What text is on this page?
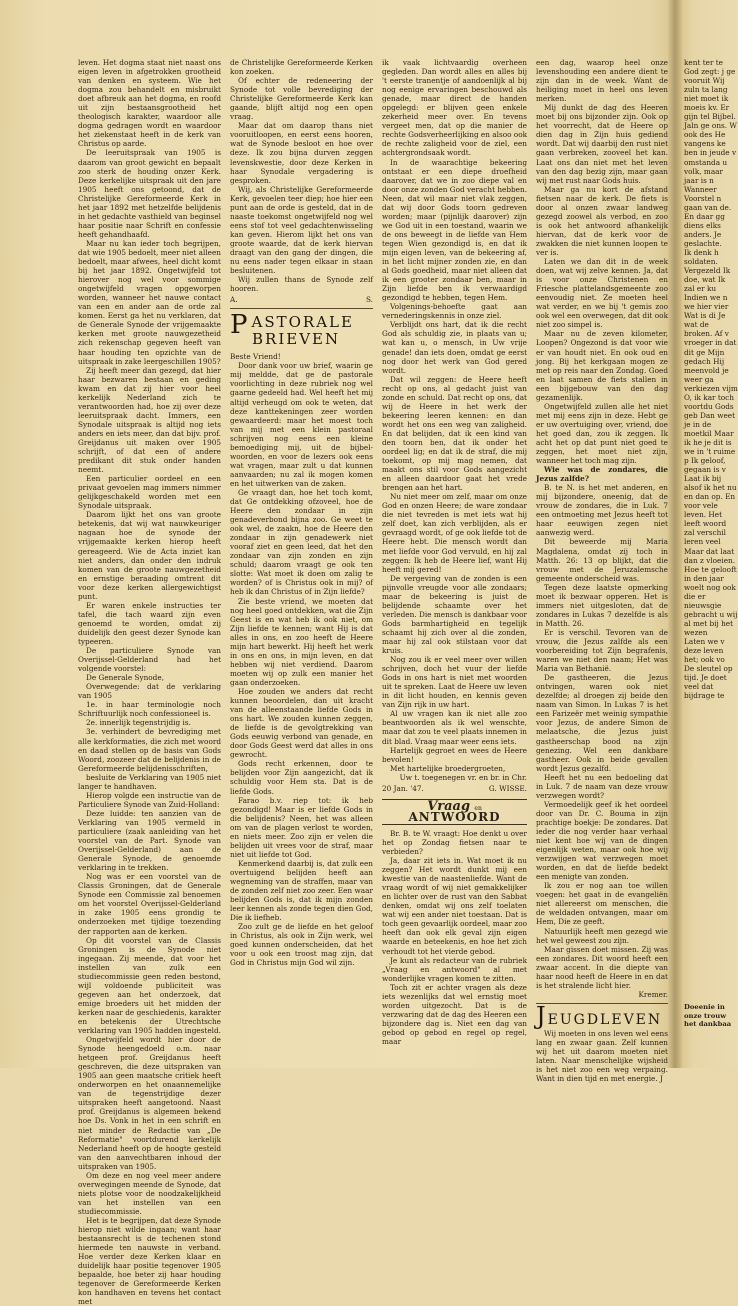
leven. Het dogma staat niet naast ons eigen leven in afgetrokken grootheid van denken en systeem. Wie het dogma zou behandelt en misbruikt doet afbreuk aan het dogma, en roofd uit zijn bestaansgrootheid het theologisch karakter, waardoor alle dogma gedragen wordt en waardoor het ziekenstaat heeft in de kerk van Christus op aarde.

De leeruitspraak van 1905 is daarom van groot gewicht en bepaalt zoo sterk de houding onzer Kerk. Deze kerkelijke uitspraak uit den jare 1905 heeft ons getoond, dat de Christelijke Gereformeerde Kerk in het jaar 1892 met hetzelfde belijdenis in het gedachte vasthield van beginsel haar positie naar Schrift en confessie heeft gehandhaafd.

Maar nu kan ieder toch begrijpen, dat wie 1905 bedoelt, meer niet alleen bedoelt, maar afwees, heel dicht komt bij het jaar 1892. Ongetwijfeld tot hierover nog wel voor sommige ongetwijfeld vragen opgeworpen worden, wanneer het nauwe contact van een en ander aan de orde zal komen. Eerst ga het nu verklaren, dat de Generale Synode der vrijgemaakte kerken met groote nauwgezetheid zich rekenschap gegeven heeft van haar houding ten opzichte van de uitspraak in zake leergeschillen 1905?

Zij heeft meer dan gezegd, dat hier haar bezwaren bestaan en geding kwam en dat zij hier voor heel kerkelijk Nederland zich te verantwoorden had, hoe zij over deze leeruitspraak dacht. Immers, een Synodale uitspraak is altijd nog iets anders en iets meer, dan dat bijv. prof. Greijdanus uit maken over 1905 schrijft, of dat een of andere predikant dit stuk onder handen neemt.

Een particulier oordeel en een privaat gevoelen mag immers nimmer gelijkgeschakeld worden met een Synodale uitspraak.

Daarom lijkt het ons van groote betekenis, dat wij wat nauwkeuriger nagaan hoe de synode der vrijgemaakte kerken hierop heeft gereageerd. Wie de Acta inziet kan niet anders, dan onder den indruk komen van de groote nauwgezetheid en ernstige beraading omtrent dit voor deze kerken allergewichtigst punt.

Er waren enkele instructies ter tafel, die tach waard zijn even genoemd te worden, omdat zij duidelijk den geest dezer Synode kan typeeren.

De particuliere Synode van Overijssel-Gelderland had het volgende voorstel:

De Generale Synode,

Overwegende: dat de verklaring van 1905

1e. in haar terminologie noch Schriftuurlijk noch confessioneel is.

2e. innerlijk tegenstrijdig is.

3e. verhindert de bevrediging met alle kerkformaties, die zich met woord en daad stellen op de basis van Gods Woord, zoozeer dat de belijdenis in de Gereformeerde belijdenisschriften,

besluite de Verklaring van 1905 niet langer te handhaven.

Hierop volgde een instructie van de Particuliere Synode van Zuid-Holland:

Deze luidde: ten aanzien van de Verklaring van 1905 vermeld in particuliere (zaak aanleiding van het voorstel van de Part. Synode van Overijssel-Gelderland) aan de Generale Synode, de genoemde verklaring in te trekken.

Nog was er een voorstel van de Classis Groningen, dat de Generale Synode een Commissie zal benoemen om het voorstel Overijssel-Gelderland in zake 1905 eens grondig te onderzoeken met tijdige toezending der rapporten aan de kerken.

Op dit voorstel van de Classis Groningen is de Synode niet ingegaan. Zij meende, dat voor het instellen van zulk een studiecommissie geen reden bestond, wijl voldoende publiciteit was gegeven aan het onderzoek, dat emige broeders uit het midden der kerken naar de geschiedenis, karakter en betekenis der Utrechtsche verklaring van 1905 hadden ingesteld.

Ongetwijfeld wordt hier door de Synode heengedoeld o.m. naar hetgeen prof. Greijdanus heeft geschreven, die deze uitspraken van 1905 aan geen maatsche critiek heeft onderworpen en het onaannemelijke van de tegenstrijdige dezer uitspraken heeft aangetoond. Naast prof. Greijdanus is algemeen bekend hoe Ds. Vonk in het in een schrift en niet minder de Redactie van „De Reformatie" voortdurend kerkelijk Nederland heeft op de hoogte gesteld van den aanvechtbaren inhoud der uitspraken van 1905.

Om deze en nog veel meer andere overwegingen meende de Synode, dat niets plotse voor de noodzakelijkheid van het instellen van een studiecommissie.

Het is te begrijpen, dat deze Synode hierop niet wilde ingaan; want haar bestaansrecht is de techenen stond hiermede ten nauwste in verband. Hoe verder deze Kerken klaar en duidelijk haar positie tegenover 1905 bepaalde, hoe beter zij haar houding tegenover de Gereformeerde Kerken kon handhaven en tevens het contact met

de Christelijke Gereformeerde Kerken kon zoeken.

Of echter de redeneering der Synode tot volle bevrediging der Christelijke Gereformeerde Kerk kan gaande, blijft altijd nog een open vraag.

Maar dat om daarop thans niet vooruitloopen, en eerst eens hooren, wat de Synode besloot en hoe over deze. Ik zou bijna durven zeggen levenskwestie, door deze Kerken in haar Synodale vergadering is gesproken.

Wij, als Christelijke Gereformeerde Kerk, gevoelen teer diep; hoe hier een punt aan de orde is gesteld, dat in de naaste toekomst ongetwijfeld nog wel eens stof tot veel gedachtenwisseling kan geven. Hierom lijkt het ons van groote waarde, dat de kerk hiervan draagt van den gang der dingen, die nu eens nader tegen elkaar in staan besluitenen.

Wij zullen thans de Synode zelf hooren.

A.	S.
P ASTORALE
BRIEVEN

Beste Vriend!

Door dank voor uw brief, waarin ge mij meldde, dat ge de pastorale voorlichting in deze rubriek nog wel gaarne gedeeld had. Wel heeft het mij altijd verheugd om ook te weten, dat deze kanttekeningen zeer worden gewaardeerd: maar het moest toch van mij met een klein pastoraal schrijven nog eens een kleine bemoediging mij, uit de bijbel-woorden, en voor de lezers ook eens wat vragen, maar zult u dat kunnen aanvaarden; nu zal ik mogen komen en het uitwerken van de zaken.

Ge vraagt dan, hoe het toch komt, dat Ge ontdekking ofzoveel, hoe de Heere den zondaar in zijn genadeverbond bijna zoo. Ge weet te ook wel, de zaakn, hoe de Heere den zondaar in zijn genadewerk niet vooraf ziet en geen leed, dat het den zondaar van zijn zonden en zijn schuld; daarom vraagt ge ook ten slotte: Wat moet ik doen om zalig te worden? of is Christus ook in mij? of heb ik dan Christus of in Zijn liefde?

Zie beste vriend, we moeten dat nog heel goed ontdekken, wat die Zijn Geest is en wat heb ik ook niet, om Zijn liefde te kennen; want Hij is dat alles in ons, en zoo heeft de Heere mijn hart bewerkt. Hij heeft het werk in ons en ons, in mijn leven, en dat hebben wij niet verdiend. Daarom moeten wij op zulk een manier het gaan onderzoeken.

Hoe zouden we anders dat recht kunnen beoordelen, dan uit kracht van de alleenstaande liefde Gods in ons hart. We zouden kunnen zeggen, de liefde is de gevolgtrekking van Gods eeuwig verbond van genade, en door Gods Geest werd dat alles in ons gewrocht.

Gods recht erkennen, door te belijden voor Zijn aangezicht, dat ik schuldig voor Hem sta. Dat is de liefde Gods.

Farao b.v. riep tot: ik heb gezondigd! Maar is er liefde Gods in die belijdenis? Neen, het was alleen om van de plagen verlost te worden, en niets meer. Zoo zijn er velen die belijden uit vrees voor de straf, maar niet uit liefde tot God.

Kenmerkend daarbij is, dat zulk een overtuigend belijden heeft aan wegneming van de straffen, maar van de zonden zelf niet zoo zeer. Een waar belijden Gods is, dat ik mijn zonden leer kennen als zonde tegen dien God, Die ik liefheb.

Zoo zult ge de liefde en het geloof in Christus, als ook in Zijn werk, wel goed kunnen onderscheiden, dat het voor u ook een troost mag zijn, dat God in Christus mijn God wil zijn.

ik vaak lichtvaardig overheen gegleden. Dan wordt alles en alles bij 't eerste tranentje of aandoenlijk al bij nog eenige ervaringen beschouwd als genade, maar direct de handen opgelegd: er blijven geen enkele zekerheid meer over. En tevens vergeet men, dat op die manier de rechte Godsverheerlijking en alsoo ook de rechte zaligheid voor de ziel, een achtergrondsaak wordt.

In de waarachtige bekeering ontstaat er een diepe droefheid daarover, dat we in zoo diepe val en door onze zonden God veracht hebben. Neen, dat wil maar niet vlak zeggen, dat wij door Gods toorn gedreven worden; maar (pijnlijk daarover) zijn we God uit in een toestand, waarin we de ons beweegt in de liefde van Hem tegen Wien gezondigd is, en dat ik mijn eigen leven, van de bekeering af, in het licht mijner zonden zie, en dan al Gods goedheid, maar niet alleen dat ik een grooter zondaar ben, maar in Zijn liefde ben ik verwaardigd gezondigd te hebben, tegen Hem.

Volgenings-behoefte gaat aan vernederingskennis in onze ziel.

Verblijdt ons hart, dat ik die recht God als schuldig zie, in plaats van u; wat kan u, o mensch, in Uw vrije genade! dan iets doen, omdat ge eerst nog door het werk van God gered wordt.

Dat wil zeggen: de Heere heeft recht op ons, al gedacht juist van zonde en schuld. Dat recht op ons, dat wij de Heere in het werk der bekeering leeren kennen: en dan wordt het ons een weg van zaligheid. En dat belijden, dat ik een kind van den toorn ben, dat ik onder het oordeel lig; en dat ik de straf, die mij toekomt, op mij mag nemen, dat maakt ons stil voor Gods aangezicht en alleen daardoor gaat het vrede brengen aan het hart.

Nu niet meer om zelf, maar om onze God en onzen Heere; de ware zondaar die niet tevreden is met iets wat hij zelf doet, kan zich verblijden, als er gevraagd wordt, of ge ook liefde tot de Heere hebt. Die mensch wordt dan met liefde voor God vervuld, en hij zal zeggen: Ik heb de Heere lief, want Hij heeft mij gered!

De vergeving van de zonden is een pijnvolle vreugde voor alle zondaars; maar de bekeering is juist de belijdende schaamte over het verleden. Die mensch is dankbaar voor Gods barmhartigheid en tegelijk schaamt hij zich over al die zonden, maar hij zal ook stilstaan voor dat kruis.

Nog zou ik er veel meer over willen schrijven, doch het vuur der liefde Gods in ons hart is niet met woorden uit te spreken. Laat de Heere uw leven in dit licht houden, en kennis geven van Zijn rijk in uw hart.

Al uw vragen kan ik niet alle zoo beantwoorden als ik wel wenschte, maar dat zou te veel plaats innemen in dit blad. Vraag maar weer eens iets.

Hartelijk gegroet en wees de Heere bevolen!

Met hartelijke broedergroeten,

Uw t. toegenegen vr. en br. in Chr.

20 Jan. '47.	G. WISSE.
Vraag en
ANTWOORD

Br. B. te W. vraagt: Hoe denkt u over het op Zondag fietsen naar te verbieden?

Ja, daar zit iets in. Wat moet ik nu zeggen? Het wordt dunkt mij een kwestie van de naastenliefde. Want de vraag wordt of wij niet gemakkelijker en lichter over de rust van den Sabbat denken, omdat wij ons zelf toelaten wat wij een ander niet toestaan. Dat is toch geen gevaarlijk oordeel, maar zoo heeft dan ook elk geval zijn eigen waarde en beteekenis, en hoe het zich verhoudt tot het vierde gebod.

Je kunt als redacteur van de rubriek „Vraag en antwoord" al met wonderlijke vragen komen te zitten.

Toch zit er achter vragen als deze iets wezenlijks dat wel ernstig moet worden uitgezocht. Dat is de verzwaring dat de dag des Heeren een bijzondere dag is. Niet een dag van gebod op gebod en regel op regel, maar

een dag, waarop heel onze levenshouding een andere dient te zijn dan in de week. Want de heiliging moet in heel ons leven merken.

Mij dunkt de dag des Heeren moet bij ons bijzonder zijn. Ook op het voorrecht, dat de Heere op dien dag in Zijn huis gediend wordt. Dat wij daarbij den rust niet gaan verbreken, zooveel het kan. Laat ons dan niet met het leven van den dag bezig zijn, maar gaan wij met rust naar Gods huis.

Maar ga nu kort de afstand fietsen naar de kerk. De fiets is door al onzen zwaar landweg gezegd zoowel als verbod, en zoo is ook het antwoord afhankelijk hiervan, dat de kerk voor de zwakken die niet kunnen loopen te ver is.

Laten we dan dit in de week doen, wat wij zelve kennen. Ja, dat is voor onze Christenen en Friesche plattelandsgemeente zoo eenvoudig niet. Ze moeten heel wat verder, en we bij 't gemis zoo ook wel een overwegen, dat dit ook niet zoo simpel is.

Maar nu de zeven kilometer, Loopen? Ongezond is dat voor wie er van houdt niet. En ook oud en jong. Bij het kerkgaan mogen ze met op reis naar den Zondag. Goed en laat samen de fiets stallen in een bijgebouw van den dag gezamenlijk.

Ongetwijfeld zullen alle het niet met mij eens zijn in deze. Hebt ge er uw overtuiging over, vriend, doe het goed dan, zou ik zeggen. Ik acht het op dat punt niet goed te zeggen, het moet niet zijn, wanneer het toch mag zijn.

Wie was de zondares, die Jezus zalfde?

B. te N. is het met anderen, en mij bijzondere, oneenig, dat de vrouw de zondares, die in Luk. 7 een ontmoeting met Jezus heeft tot haar eeuwigen zegen niet aanwezig werd.

Dit beweerde mij Maria Magdalena, omdat zij toch in Matth. 26: 13 op blijkt, dat die vrouw met de Jeruzalemsche gemeente onderscheid was.

Tegen deze laatste opmerking moet ik bezwaar opperen. Het is immers niet uitgesloten, dat de zondares in Lukas 7 dezelfde is als in Matth. 26.

Er is verschil. Tevoren van de vrouw, die Jezus zalfde als een voorbereiding tot Zijn begrafenis, waren we niet den naam; Het was Maria van Bethanië.

De gastheeren, die Jezus ontvingen, waren ook niet dezelfde; al droegen zij beide den naam van Simon. In Lukas 7 is het een Farizeër met weinig sympathie voor Jezus, de andere Simon de melaatsche, die Jezus juist gastheerschap bood na zijn genezing. Wel een dankbare gastheer. Ook in beide gevallen wordt Jezus gezalfd.

Heeft het nu een bedoeling dat in Luk. 7 de naam van deze vrouw verzwegen wordt?

Vermoedelijk geef ik het oordeel door van Dr. C. Bouma in zijn prachtige boekje: De zondares. Dat ieder die nog verder haar verhaal niet kent hoe wij van de dingen eigenlijk weten, maar ook hoe wij verzwijgen wat verzwegen moet worden, en dat de liefde bedekt een menigte van zonden.

Ik zou er nog aan toe willen voegen: het gaat in de evangeliën niet allereerst om menschen, die de weldaden ontvangen, maar om Hem, Die ze geeft.

Natuurlijk heeft men gezegd wie het wel geweest zou zijn.

Maar gissen doet missen. Zij was een zondares. Dit woord heeft een zwaar accent. In die diepte van haar nood heeft de Heere in en dat is het stralende licht hier.

Kremer.

JEUGDLEVEN

Wij moeten in ons leven wel eens lang en zwaar gaan. Zelf kunnen wij het uit daarom moeten niet laten. Naar menschelijke wijsheid is het niet zoo een weg verpaing. Want in dien tijd en met energie. J

kent ter te God zegt: j ge vooruit Wij zuln ta lang niet moet ik moeis kv. Er gijn tel Bijbel. Jaln ge ons. W ook des He vangens ke ben in jeude v omstanda u volk, maar jaar is n Wanneer Voorstel n gaan van de. En daar gg diens elks anders. Je geslachte.

Ik denk h soldaten. Vergezeld Ik doe, wat Ik zal er ku Indien we n we hier vier

Wat is di Je wat de broken. Af v vroeger in dat dit ge Mijn gedach Hij meenvold je weer ga verkiezen vijm

O, ik kar toch voortdu Gods geb Dan weet je in de moetkil Maar ik he je dit is we in 't ruime p Ik geloof, gegaan is v Laat ik bij alsof ik het nu en dan op. En voor vele leven. Het leeft woord zal verschil leren veel

Maar dat laat dan z vloeien. Hoe te gelooft in den jaar woelt nog ook die er nieuwsgie gebracht u wij al met bij het wezen

Laten we v deze leven het; ook vo

De sleutel op tijd. Je doet veel dat bijdrage te

Doeenie in onze trouw het dankbaa
